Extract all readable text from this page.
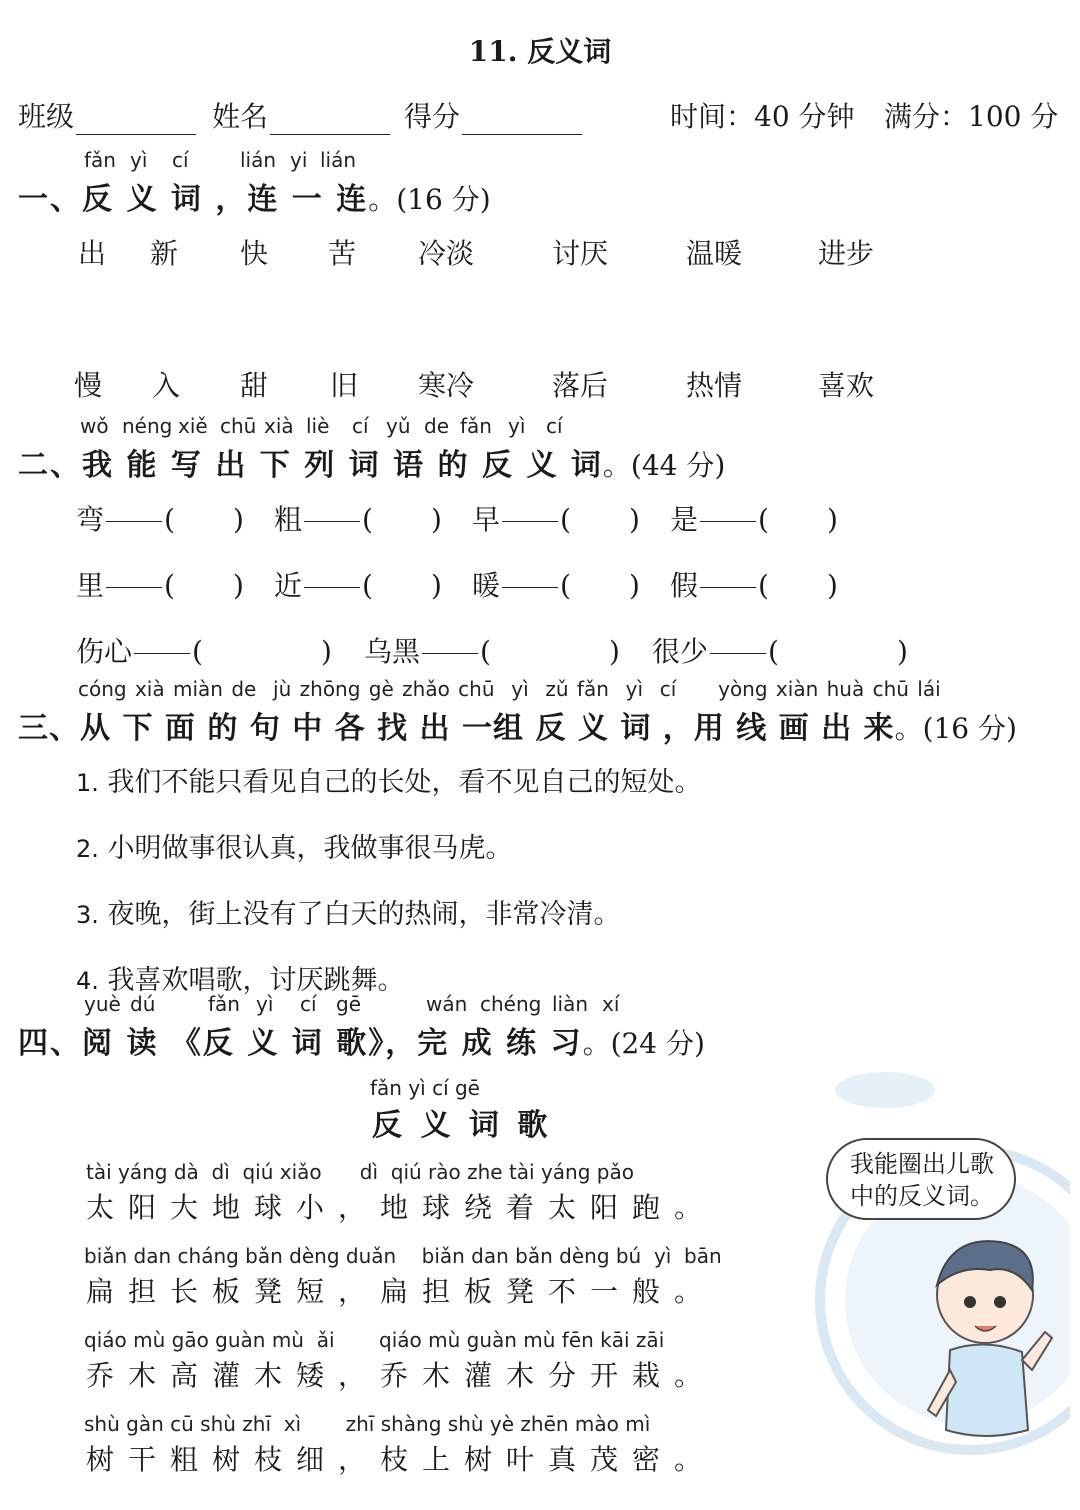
11. 反义词
班级	姓名	得分	时间：40 分钟 满分：100 分
fǎn yì cí	lián yi lián
一、反 义 词 ，连 一 连。(16 分)
出 新 快 苦 冷淡	讨厌	温暖	进步
慢 入 甜 旧 寒冷	落后	热情	喜欢
wǒ néng xiě chū xià liè cí yǔ de fǎn yì cí
二、我 能 写 出 下 列 词 语 的 反 义 词。(44 分)
弯 ( ) 粗 ( ) 早 ( ) 是 ( )
里 ( ) 近 ( ) 暖 ( ) 假 ( )
伤心 (	) 乌黑 (	) 很少 (	)
cóng xià miàn de jù zhōng gè zhǎo chū yì zǔ fǎn yì cí yòng xiàn huà chū lái
三、从 下 面 的 句 中 各 找 出 一组 反 义 词 ，用 线 画 出 来。(16 分)
1. 我们不能只看见自己的长处，看不见自己的短处。
2. 小明做事很认真，我做事很马虎。
3. 夜晚，街上没有了白天的热闹，非常冷清。
4. 我喜欢唱歌，讨厌跳舞。
yuè dú	fǎn yì cí gē	wán chéng liàn xí
四、阅 读 《反 义 词 歌》，完 成 练 习。(24 分)
fǎn yì cí gē
反 义 词 歌
tài yáng dà  dì  qiú xiǎo      dì  qiú rào zhe tài yáng pǎo
太阳大地球小，地球绕着太阳跑。
biǎn dan cháng bǎn dèng duǎn    biǎn dan bǎn dèng bú  yì  bān
扁担长板凳短，扁担板凳不一般。
qiáo mù gāo guàn mù  ǎi       qiáo mù guàn mù fēn kāi zāi
乔木高灌木矮，乔木灌木分开栽。
shù gàn cū shù zhī  xì       zhī shàng shù yè zhēn mào mì
树干粗树枝细，枝上树叶真茂密。
我能圈出儿歌中的反义词。
